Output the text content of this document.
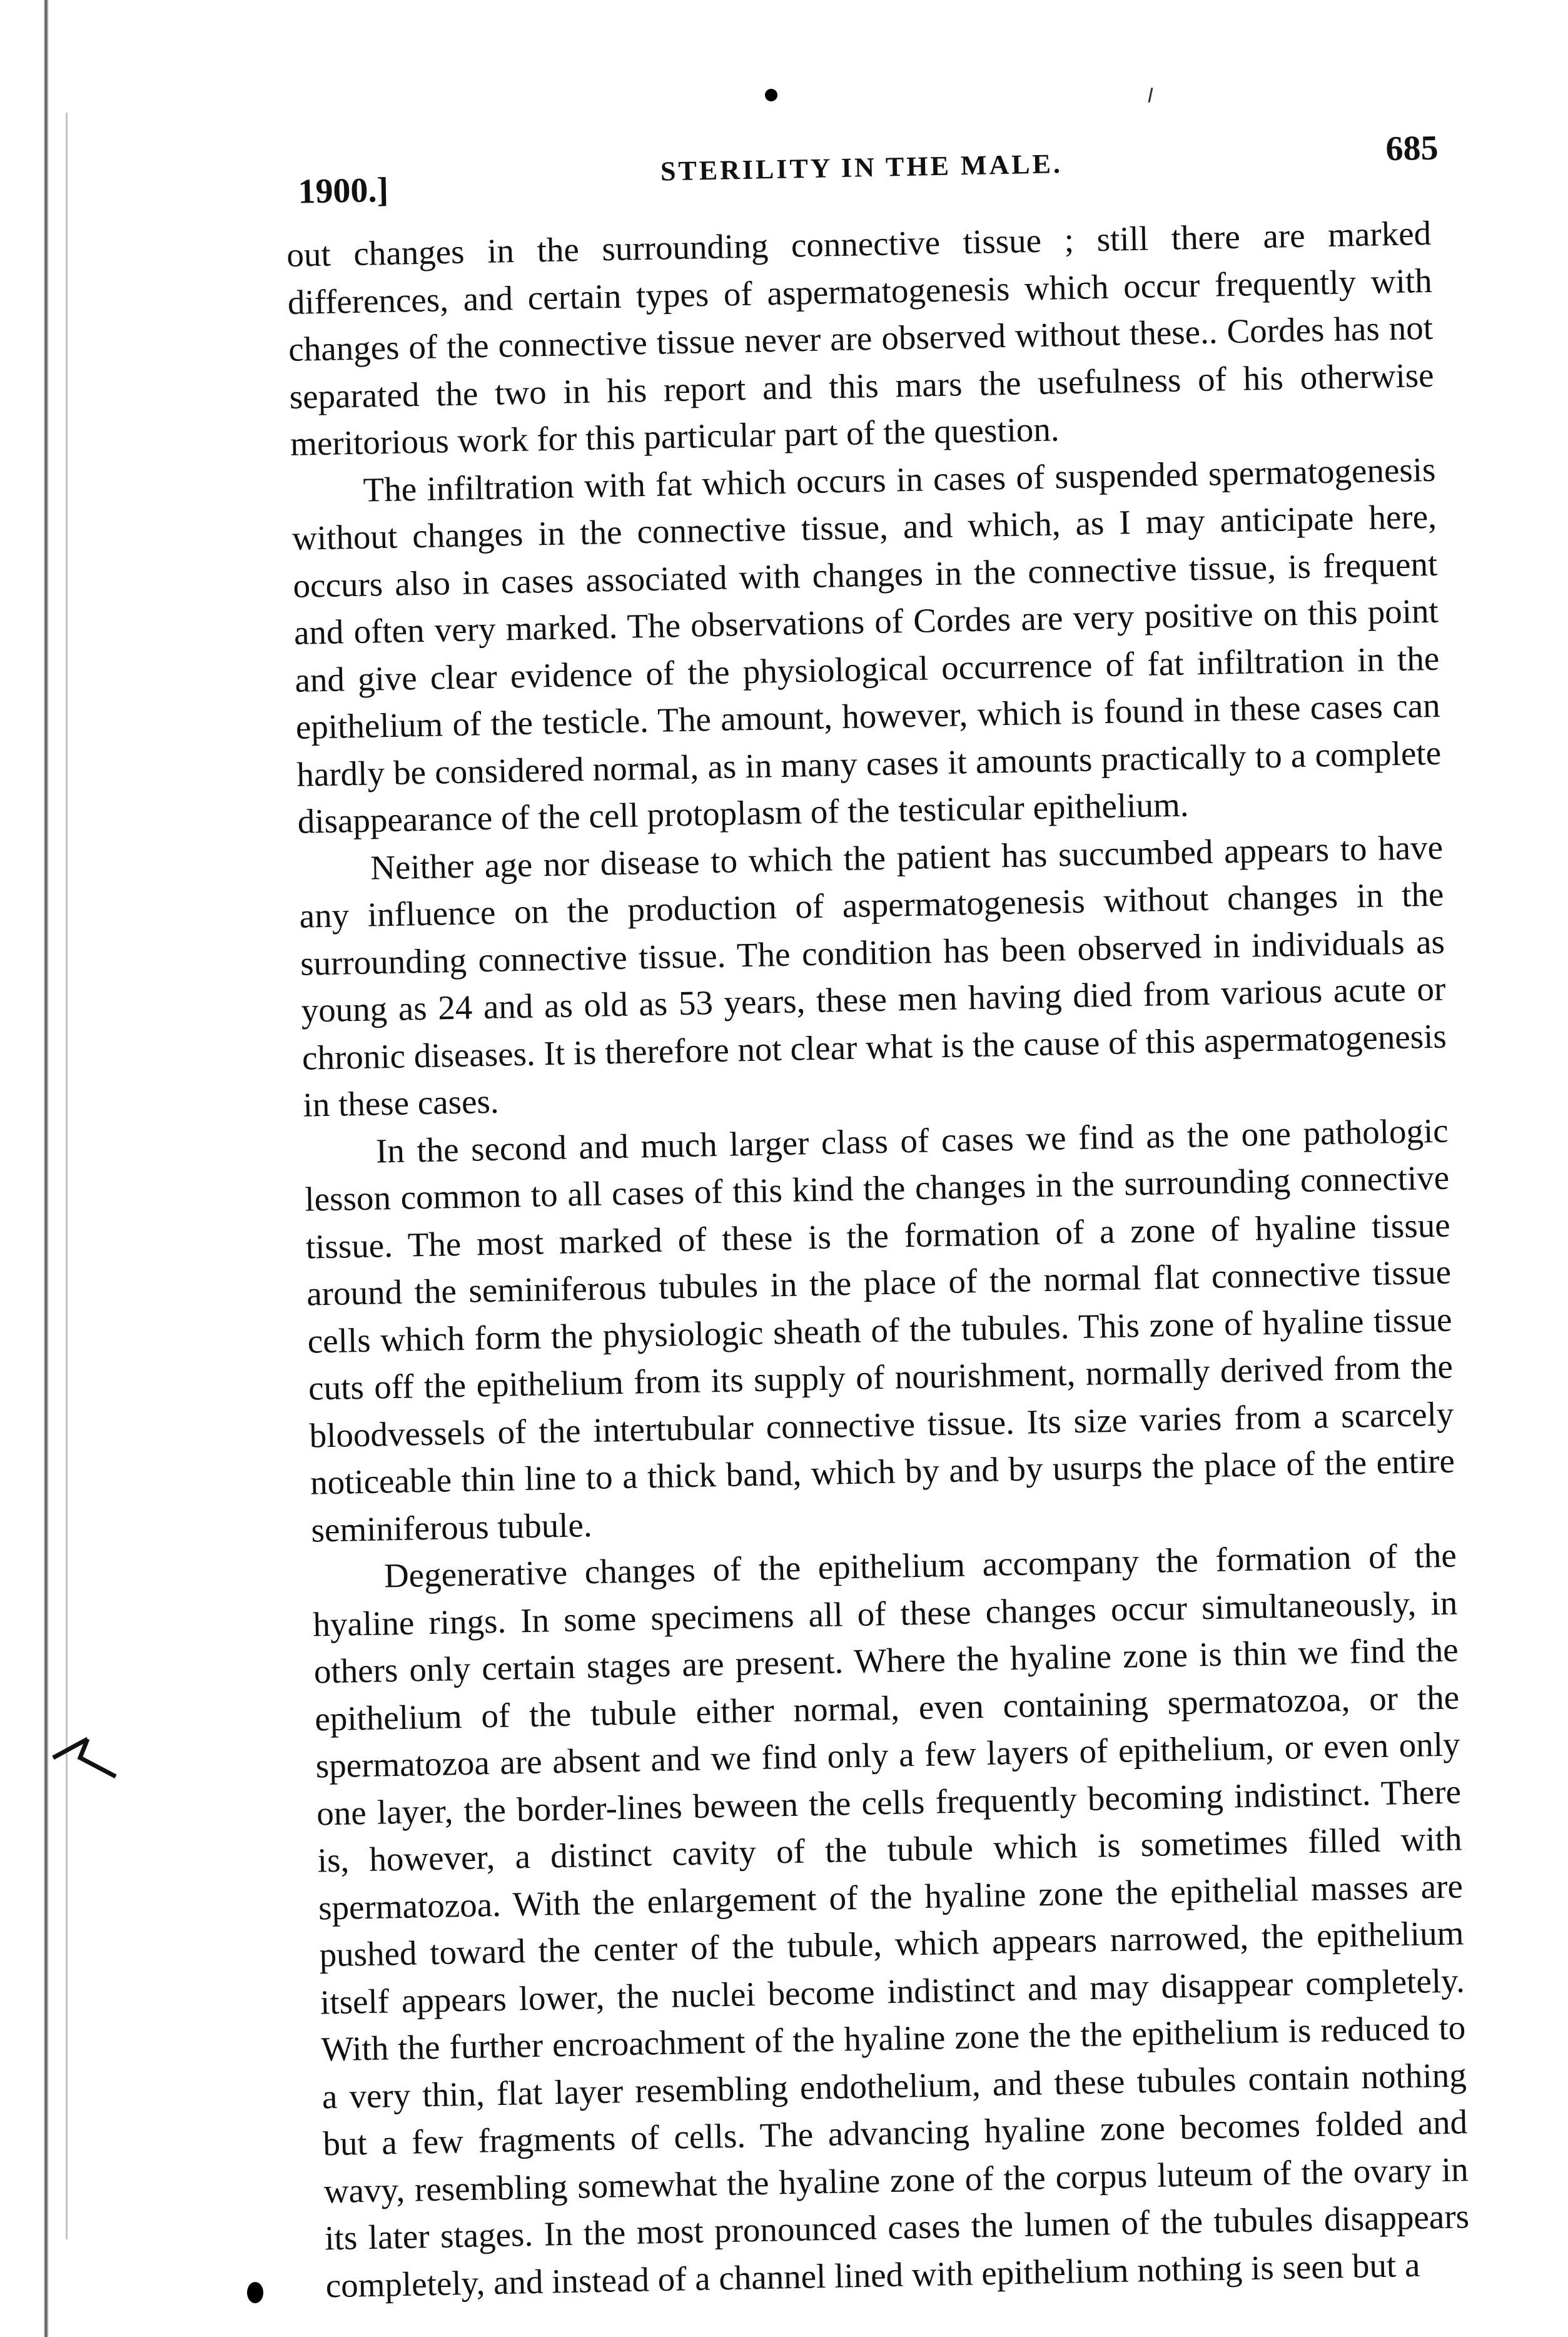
1900.]
STERILITY IN THE MALE.	685

out changes in the surrounding connective tissue ; still there are marked differences, and certain types of aspermatogenesis which occur frequently with changes of the connective tissue never are observed without these.. Cordes has not separated the two in his report and this mars the usefulness of his otherwise meritorious work for this particular part of the question.

The infiltration with fat which occurs in cases of suspended spermatogenesis without changes in the connective tissue, and which, as I may anticipate here, occurs also in cases associated with changes in the connective tissue, is frequent and often very marked. The observations of Cordes are very positive on this point and give clear evidence of the physiological occurrence of fat infiltration in the epithelium of the testicle. The amount, however, which is found in these cases can hardly be considered normal, as in many cases it amounts practically to a complete disappearance of the cell protoplasm of the testicular epithelium.

Neither age nor disease to which the patient has succumbed appears to have any influence on the production of aspermatogenesis without changes in the surrounding connective tissue. The condition has been observed in individuals as young as 24 and as old as 53 years, these men having died from various acute or chronic diseases. It is therefore not clear what is the cause of this aspermatogenesis in these cases.

In the second and much larger class of cases we find as the one pathologic lesson common to all cases of this kind the changes in the surrounding connective tissue. The most marked of these is the formation of a zone of hyaline tissue around the seminiferous tubules in the place of the normal flat connective tissue cells which form the physiologic sheath of the tubules. This zone of hyaline tissue cuts off the epithelium from its supply of nourishment, normally derived from the bloodvessels of the intertubular connective tissue. Its size varies from a scarcely noticeable thin line to a thick band, which by and by usurps the place of the entire seminiferous tubule.

Degenerative changes of the epithelium accompany the formation of the hyaline rings. In some specimens all of these changes occur simultaneously, in others only certain stages are present. Where the hyaline zone is thin we find the epithelium of the tubule either normal, even containing spermatozoa, or the spermatozoa are absent and we find only a few layers of epithelium, or even only one layer, the border-lines beween the cells frequently becoming indistinct. There is, however, a distinct cavity of the tubule which is sometimes filled with spermatozoa. With the enlargement of the hyaline zone the epithelial masses are pushed toward the center of the tubule, which appears narrowed, the epithelium itself appears lower, the nuclei become indistinct and may disappear completely. With the further encroachment of the hyaline zone the the epithelium is reduced to a very thin, flat layer resembling endothelium, and these tubules contain nothing but a few fragments of cells. The advancing hyaline zone becomes folded and wavy, resembling somewhat the hyaline zone of the corpus luteum of the ovary in its later stages. In the most pronounced cases the lumen of the tubules disappears completely, and instead of a channel lined with epithelium nothing is seen but a
